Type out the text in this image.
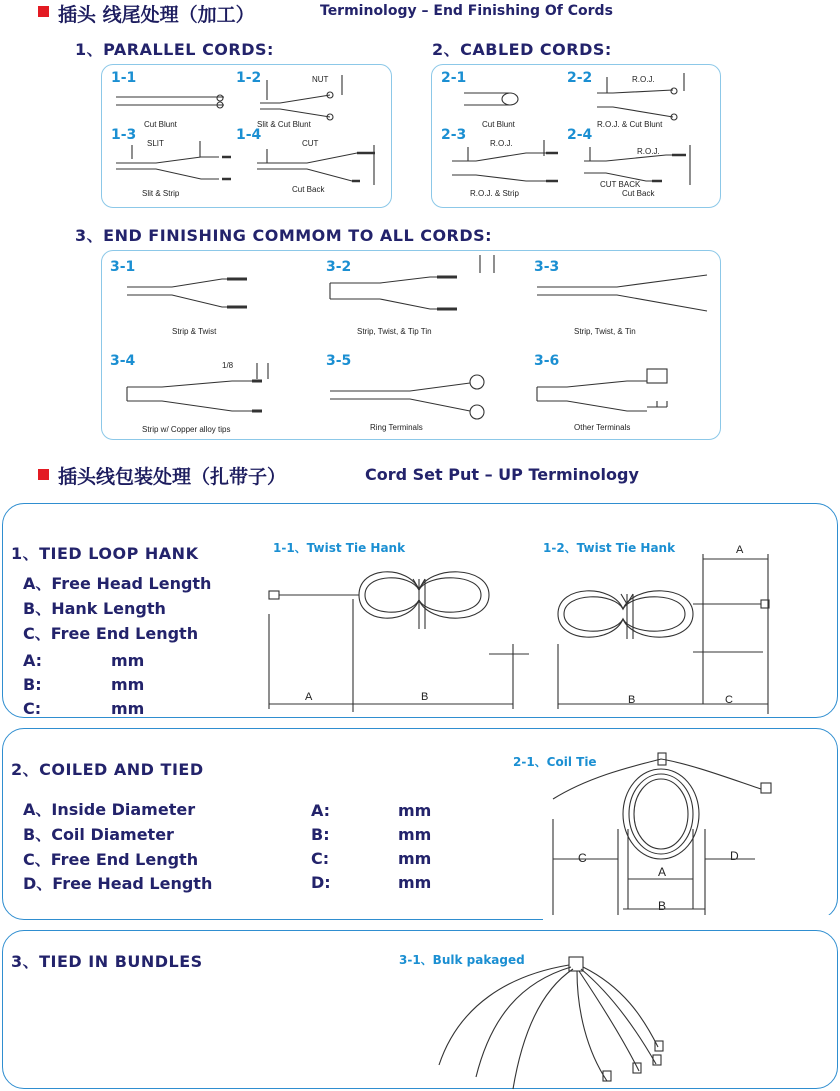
插头 线尾处理（加工）	Terminology – End Finishing Of Cords
1、PARALLEL CORDS:	2、CABLED CORDS:
1-1	1-2
1-3	1-4
Cut Blunt	Slit & Cut Blunt
Slit & Strip	Cut Back
NUT
SLIT	CUT
2-1	2-2
2-3	2-4
Cut Blunt	R.O.J. & Cut Blunt
R.O.J. & Strip	Cut Back
R.O.J.
R.O.J.
R.O.J.
CUT BACK
3、END FINISHING COMMOM TO ALL CORDS:
3-1	3-2	3-3
3-4	3-5	3-6
Strip & Twist	Strip, Twist, & Tip Tin	Strip, Twist, & Tin
Strip w/ Copper alloy tips	Ring Terminals	Other Terminals
1/8
插头线包装处理（扎带子）	Cord Set Put – UP Terminology
1、TIED LOOP HANK
A、Free Head Length
B、Hank Length
C、Free End Length
A:	mm
B:	mm
C:	mm
1-1、Twist Tie Hank	1-2、Twist Tie Hank
A	B	B	C
A
2、COILED AND TIED
A、Inside Diameter
B、Coil Diameter
C、Free End Length
D、Free Head Length
A:	mm
B:	mm
C:	mm
D:	mm
2-1、Coil Tie
C
A
B
D
3、TIED IN BUNDLES	3-1、Bulk pakaged
